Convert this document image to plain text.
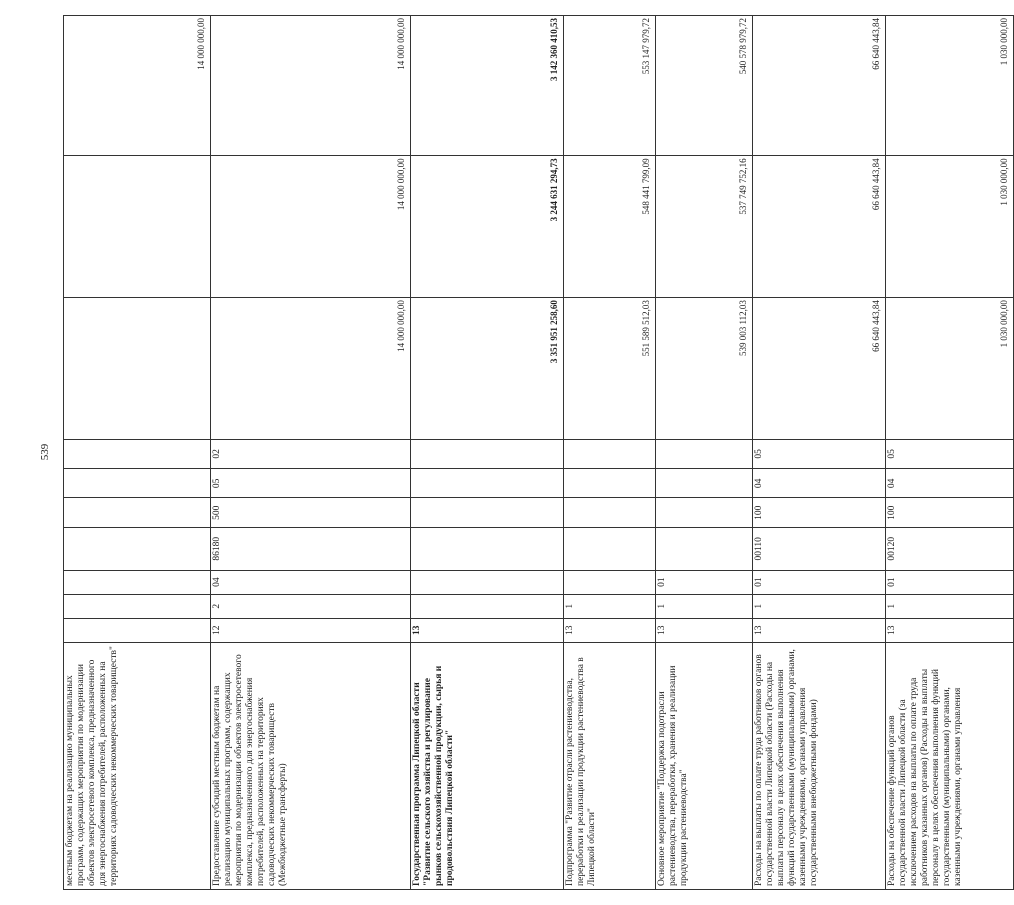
539
местным бюджетам на реализацию муниципальных программ, содержащих мероприятия по модернизации объектов электросетевого комплекса, предназначенного для энергоснабжения потребителей, расположенных на территориях садоводческих некоммерческих товариществ"										14 000 000,00
Предоставление субсидий местным бюджетам на реализацию муниципальных программ, содержащих мероприятия по модернизации объектов электросетевого комплекса, предназначенного для энергоснабжения потребителей, расположенных на территориях садоводческих некоммерческих товариществ (Межбюджетные трансферты)	12	2	04	86180	500	05	02	14 000 000,00	14 000 000,00	14 000 000,00
Государственная программа Липецкой области "Развитие сельского хозяйства и регулирование рынков сельскохозяйственной продукции, сырья и продовольствия Липецкой области"	13							3 351 951 258,60	3 244 631 294,73	3 142 360 410,53
Подпрограмма "Развитие отрасли растениеводства, переработки и реализации продукции растениеводства в Липецкой области"	13	1						551 589 512,03	548 441 799,09	553 147 979,72
Основное мероприятие "Поддержка подотрасли растениеводства, переработки, хранения и реализации продукции растениеводства"	13	1	01					539 003 112,03	537 749 752,16	540 578 979,72
Расходы на выплаты по оплате труда работников органов государственной власти Липецкой области (Расходы на выплаты персоналу в целях обеспечения выполнения функций государственными (муниципальными) органами, казенными учреждениями, органами управления государственными внебюджетными фондами)	13	1	01	00110	100	04	05	66 640 443,84	66 640 443,84	66 640 443,84
Расходы на обеспечение функций органов государственной власти Липецкой области (за исключением расходов на выплаты по оплате труда работников указанных органов) (Расходы на выплаты персоналу в целях обеспечения выполнения функций государственными (муниципальными) органами, казенными учреждениями, органами управления	13	1	01	00120	100	04	05	1 030 000,00	1 030 000,00	1 030 000,00
